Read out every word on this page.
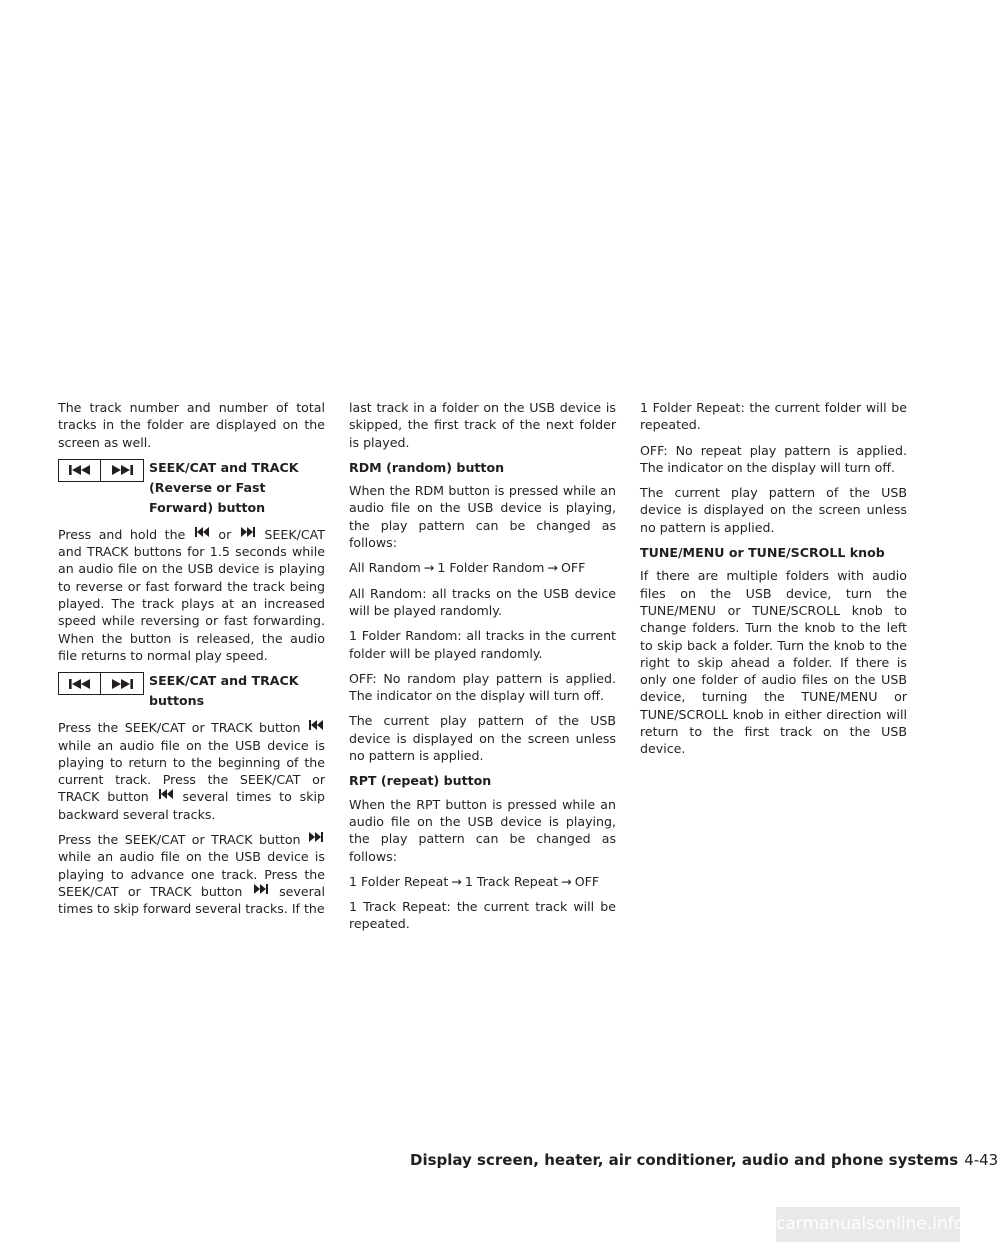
The track number and number of total tracks in the folder are displayed on the screen as well.

SEEK/CAT and TRACK (Reverse or Fast Forward) button

Press and hold the	or	SEEK/CAT and TRACK buttons for 1.5 seconds while an audio file on the USB device is playing to reverse or fast forward the track being played. The track plays at an increased speed while reversing or fast forwarding. When the button is released, the audio file returns to normal play speed.

SEEK/CAT and TRACK buttons

Press the SEEK/CAT or TRACK button
while an audio file on the USB device is playing to return to the beginning of the current track. Press the SEEK/CAT or TRACK button	several times to skip backward several tracks.

Press the SEEK/CAT or TRACK button
while an audio file on the USB device is playing to advance one track. Press the SEEK/CAT or TRACK button	several times to skip forward several tracks. If the

last track in a folder on the USB device is skipped, the first track of the next folder is played.

RDM (random) button

When the RDM button is pressed while an audio file on the USB device is playing, the play pattern can be changed as follows:

All Random → 1 Folder Random → OFF

All Random: all tracks on the USB device will be played randomly.

1 Folder Random: all tracks in the current folder will be played randomly.

OFF: No random play pattern is applied. The indicator on the display will turn off.

The current play pattern of the USB device is displayed on the screen unless no pattern is applied.

RPT (repeat) button

When the RPT button is pressed while an audio file on the USB device is playing, the play pattern can be changed as follows:

1 Folder Repeat → 1 Track Repeat → OFF

1 Track Repeat: the current track will be repeated.

1 Folder Repeat: the current folder will be repeated.

OFF: No repeat play pattern is applied. The indicator on the display will turn off.

The current play pattern of the USB device is displayed on the screen unless no pattern is applied.

TUNE/MENU or TUNE/SCROLL knob

If there are multiple folders with audio files on the USB device, turn the TUNE/MENU or TUNE/SCROLL knob to change folders. Turn the knob to the left to skip back a folder. Turn the knob to the right to skip ahead a folder. If there is only one folder of audio files on the USB device, turning the TUNE/MENU or TUNE/SCROLL knob in either direction will return to the first track on the USB device.

Display screen, heater, air conditioner, audio and phone systems 4-43
carmanualsonline.info
